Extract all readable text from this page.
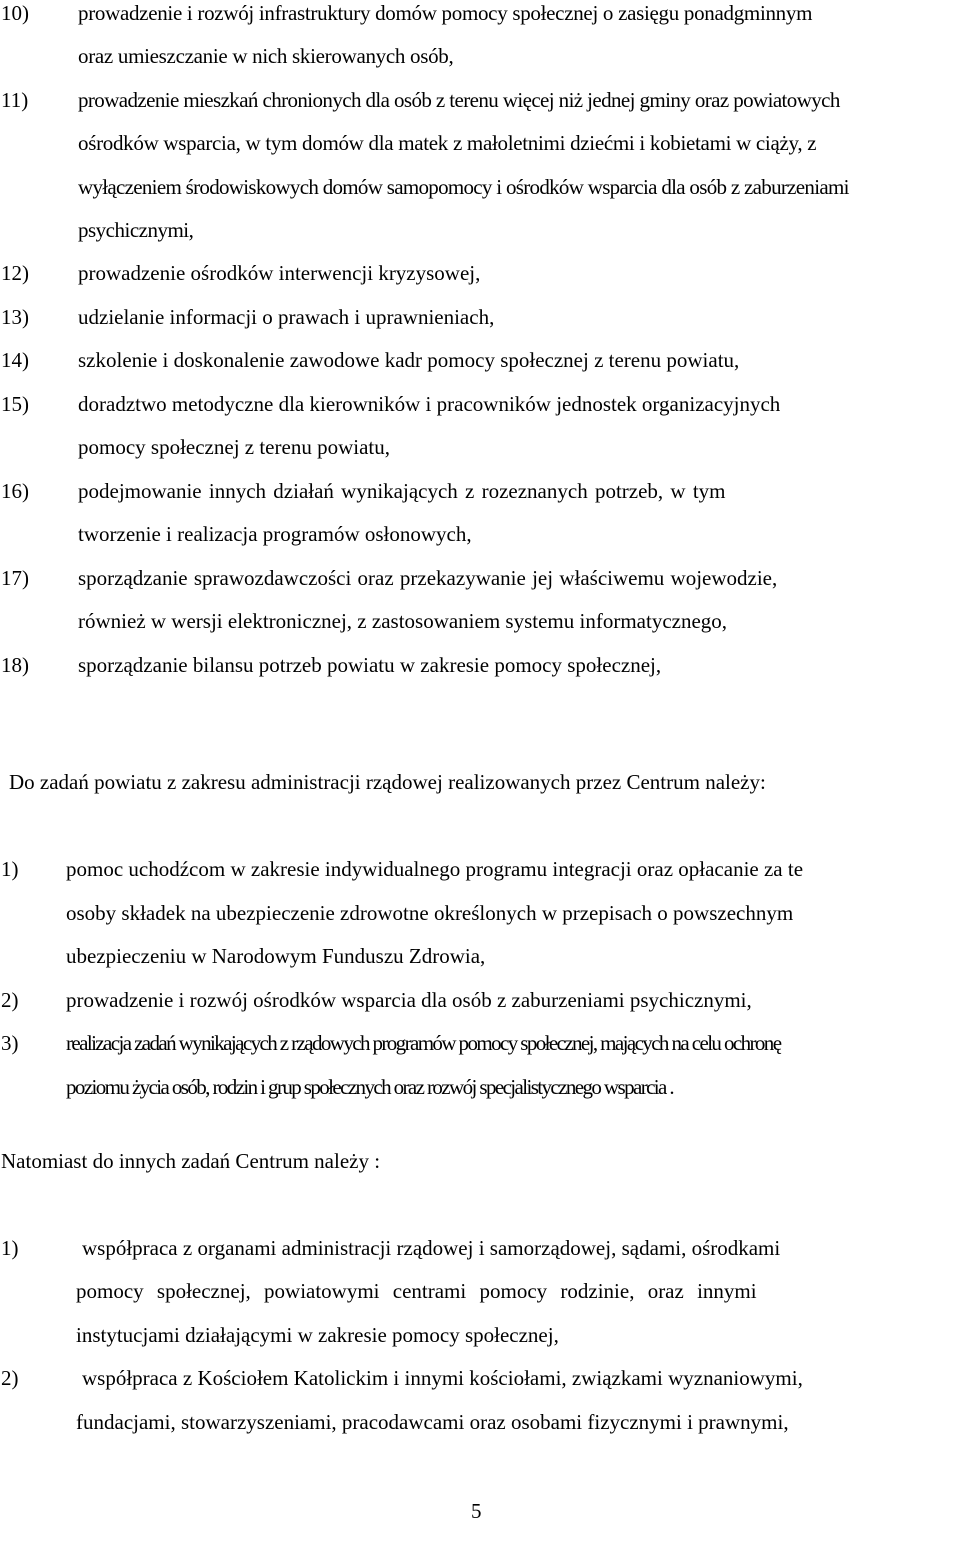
10) prowadzenie i rozwój infrastruktury domów pomocy społecznej o zasięgu ponadgminnym
oraz umieszczanie w nich skierowanych osób,
11) prowadzenie mieszkań chronionych dla osób z terenu więcej niż jednej gminy oraz powiatowych
ośrodków wsparcia, w tym domów dla matek z małoletnimi dziećmi i kobietami w ciąży, z
wyłączeniem środowiskowych domów samopomocy i ośrodków wsparcia dla osób z zaburzeniami
psychicznymi,
12) prowadzenie ośrodków interwencji kryzysowej,
13) udzielanie informacji o prawach i uprawnieniach,
14) szkolenie i doskonalenie zawodowe kadr pomocy społecznej z terenu powiatu,
15) doradztwo metodyczne dla kierowników i pracowników jednostek organizacyjnych
pomocy społecznej z terenu powiatu,
16) podejmowanie innych działań wynikających z rozeznanych potrzeb, w tym
tworzenie i realizacja programów osłonowych,
17) sporządzanie sprawozdawczości oraz przekazywanie jej właściwemu wojewodzie,
również w wersji elektronicznej, z zastosowaniem systemu informatycznego,
18) sporządzanie bilansu potrzeb powiatu w zakresie pomocy społecznej,
Do zadań powiatu z zakresu administracji rządowej realizowanych przez Centrum należy:
1) pomoc uchodźcom w zakresie indywidualnego programu integracji oraz opłacanie za te
osoby składek na ubezpieczenie zdrowotne określonych w przepisach o powszechnym
ubezpieczeniu w Narodowym Funduszu Zdrowia,
2) prowadzenie i rozwój ośrodków wsparcia dla osób z zaburzeniami psychicznymi,
3) realizacja zadań wynikających z rządowych programów pomocy społecznej, mających na celu ochronę
poziomu życia osób, rodzin i grup społecznych oraz rozwój specjalistycznego wsparcia .
Natomiast do innych zadań Centrum należy :
1)	współpraca z organami administracji rządowej i samorządowej, sądami, ośrodkami
pomocy społecznej, powiatowymi centrami pomocy rodzinie, oraz innymi
instytucjami działającymi w zakresie pomocy społecznej,
2)	współpraca z Kościołem Katolickim i innymi kościołami, związkami wyznaniowymi,
fundacjami, stowarzyszeniami, pracodawcami oraz osobami fizycznymi i prawnymi,
5
